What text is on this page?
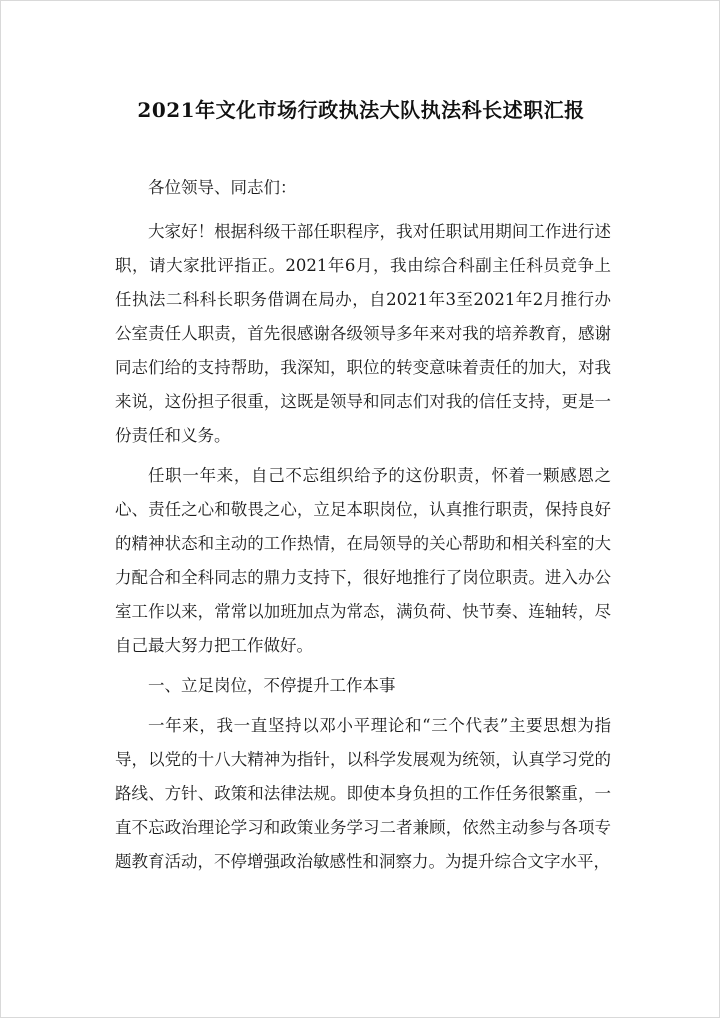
2021年文化市场行政执法大队执法科长述职汇报

各位领导、同志们：

大家好！根据科级干部任职程序，我对任职试用期间工作进行述职，请大家批评指正。2021年6月，我由综合科副主任科员竞争上任执法二科科长职务借调在局办，自2021年3至2021年2月推行办公室责任人职责，首先很感谢各级领导多年来对我的培养教育，感谢同志们给的支持帮助，我深知，职位的转变意味着责任的加大，对我来说，这份担子很重，这既是领导和同志们对我的信任支持，更是一份责任和义务。

任职一年来，自己不忘组织给予的这份职责，怀着一颗感恩之心、责任之心和敬畏之心，立足本职岗位，认真推行职责，保持良好的精神状态和主动的工作热情，在局领导的关心帮助和相关科室的大力配合和全科同志的鼎力支持下，很好地推行了岗位职责。进入办公室工作以来，常常以加班加点为常态，满负荷、快节奏、连轴转，尽自己最大努力把工作做好。

一、立足岗位，不停提升工作本事

一年来，我一直坚持以邓小平理论和“三个代表”主要思想为指导，以党的十八大精神为指针，以科学发展观为统领，认真学习党的路线、方针、政策和法律法规。即使本身负担的工作任务很繁重，一直不忘政治理论学习和政策业务学习二者兼顾，依然主动参与各项专题教育活动，不停增强政治敏感性和洞察力。为提升综合文字水平，
